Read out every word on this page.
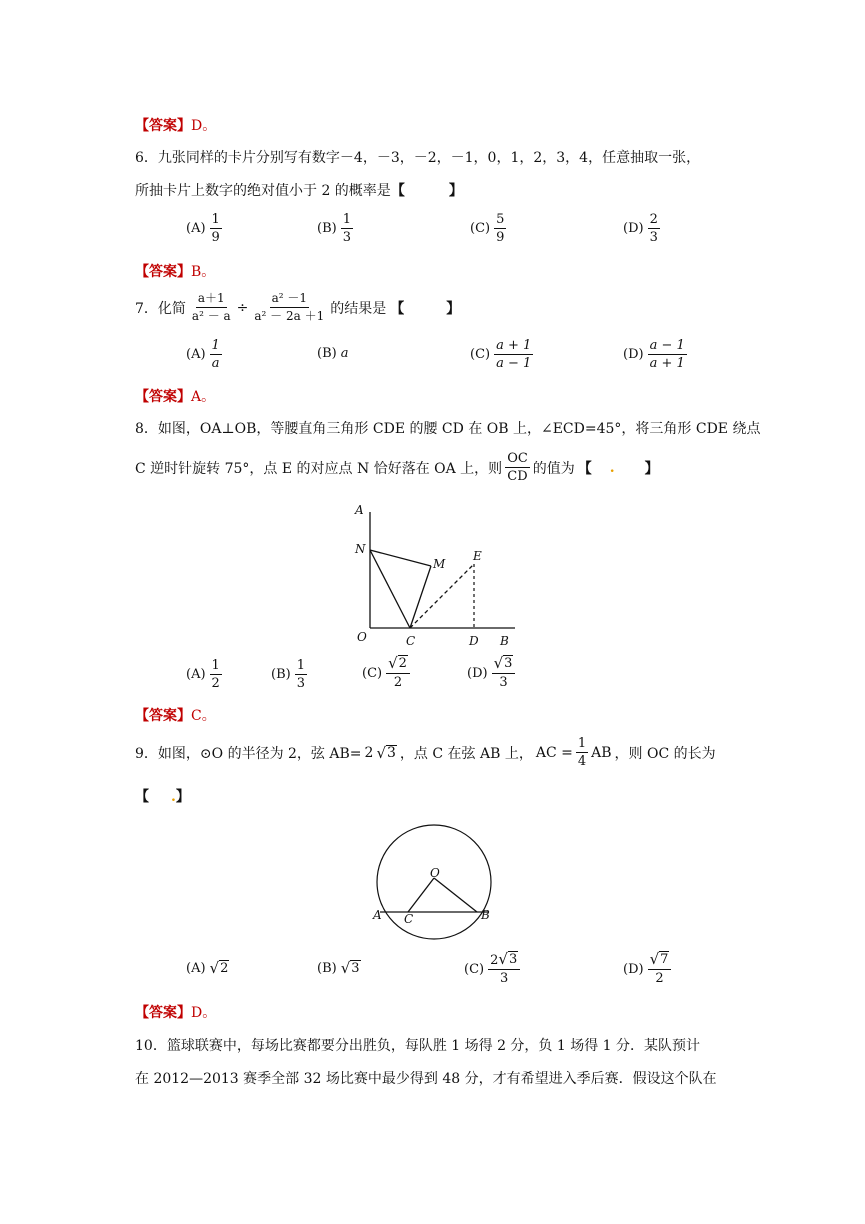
【答案】D。
6．九张同样的卡片分别写有数字－4，－3，－2，－1，0，1，2，3，4，任意抽取一张，
所抽卡片上数字的绝对值小于 2 的概率是【	】
$(A) \frac{1}{9}$	$(B) \frac{1}{3}$	$(C) \frac{5}{9}$	$(D) \frac{2}{3}$
【答案】B。
7．化简 $\frac{a+1}{\text{a² － a}} \div \frac{\text{a² －1}}{\text{a² － 2a ＋1}}$ 的结果是 【	】
$(A) \frac{1}{a}$	(B) a	$(C) \frac{a + 1}{a - 1}$	$(D) \frac{a - 1}{a + 1}$
【答案】A。
8．如图，OA⊥OB，等腰直角三角形 CDE 的腰 CD 在 OB 上，∠ECD=45°，将三角形 CDE 绕点
C 逆时针旋转 75°，点 E 的对应点 N 恰好落在 OA 上，则 $\frac{OC}{CD}$ 的值为 【 . 】
A
N
M
E
O	C	D B
$(A) \frac{1}{2}$	$(B) \frac{1}{3}$	$(C) \frac{√ 2}{2}$	$(D) \frac{√ 3}{3}$
【答案】C。
9．如图，⊙O 的半径为 2，弦 AB= 2 √ 3 ，点 C 在弦 AB 上， AC = $\frac{1}{4}$ AB ，则 OC 的长为
【 .】
O
A C	B
(A) √ 2	(B) √ 3	$(C) \frac{2 √ 3}{3}$	$(D) \frac{√ 7}{2}$
【答案】D。
10．篮球联赛中，每场比赛都要分出胜负，每队胜 1 场得 2 分，负 1 场得 1 分．某队预计
在 2012—2013 赛季全部 32 场比赛中最少得到 48 分，才有希望进入季后赛．假设这个队在
